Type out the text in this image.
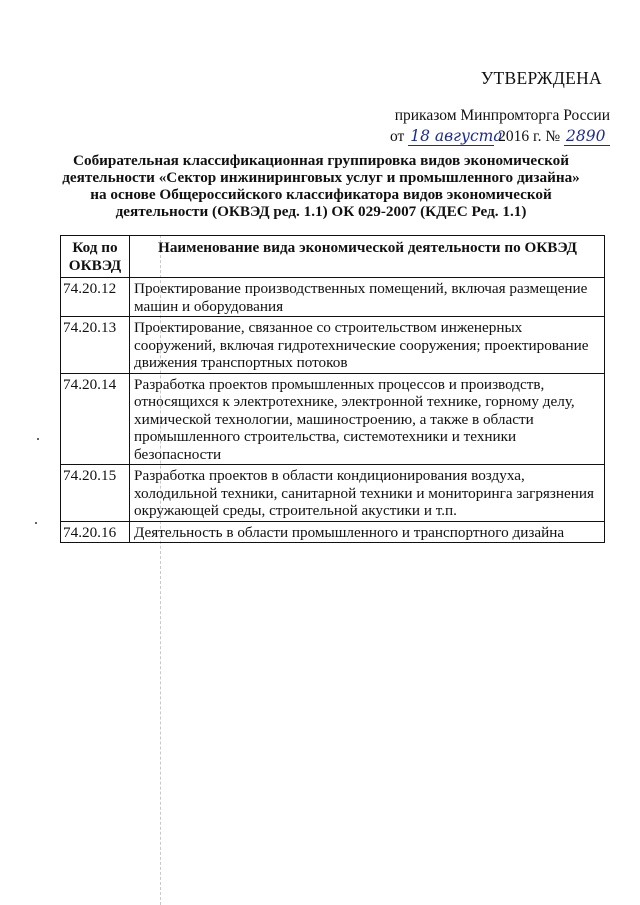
УТВЕРЖДЕНА
приказом Минпромторга России
от 18 августа 2016 г. № 2890
Собирательная классификационная группировка видов экономической деятельности «Сектор инжиниринговых услуг и промышленного дизайна» на основе Общероссийского классификатора видов экономической деятельности (ОКВЭД ред. 1.1) ОК 029-2007 (КДЕС Ред. 1.1)
Код по ОКВЭД	Наименование вида экономической деятельности по ОКВЭД
74.20.12	Проектирование производственных помещений, включая размещение машин и оборудования
74.20.13	Проектирование, связанное со строительством инженерных сооружений, включая гидротехнические сооружения; проектирование движения транспортных потоков
74.20.14	Разработка проектов промышленных процессов и производств, относящихся к электротехнике, электронной технике, горному делу, химической технологии, машиностроению, а также в области промышленного строительства, системотехники и техники безопасности
74.20.15	Разработка проектов в области кондиционирования воздуха, холодильной техники, санитарной техники и мониторинга загрязнения окружающей среды, строительной акустики и т.п.
74.20.16	Деятельность в области промышленного и транспортного дизайна
